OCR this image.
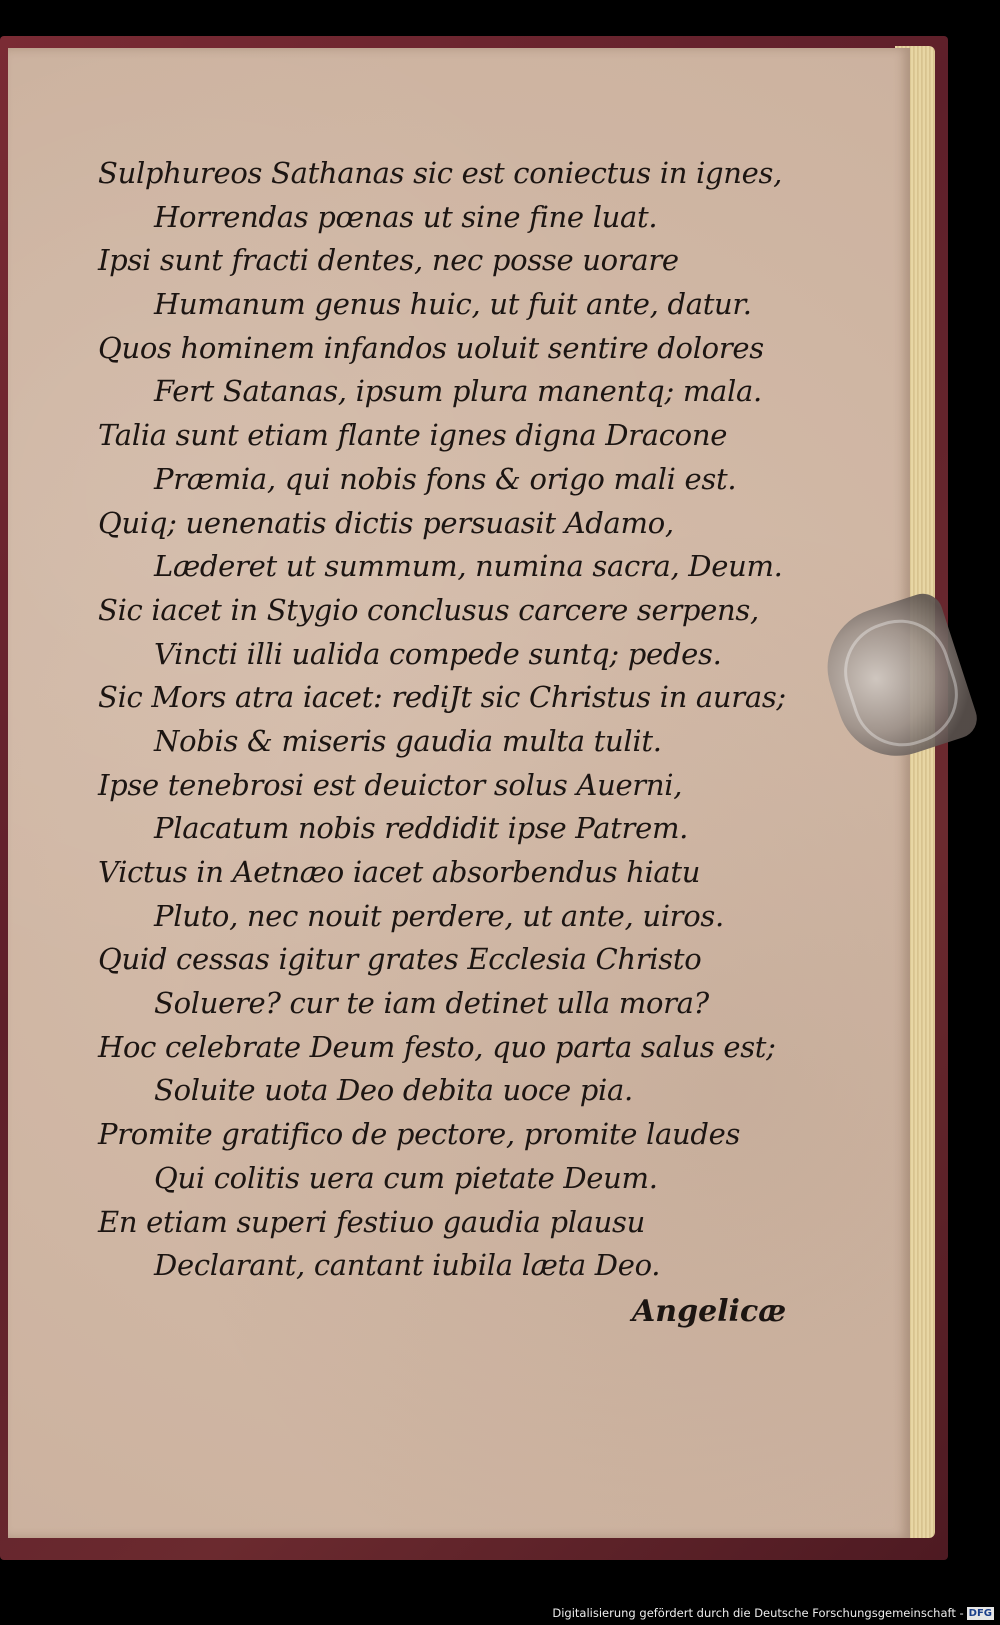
Sulphureos Sathanas sic est coniectus in ignes,
Horrendas pœnas ut sine fine luat.
Ipsi sunt fracti dentes, nec posse uorare
Humanum genus huic, ut fuit ante, datur.
Quos hominem infandos uoluit sentire dolores
Fert Satanas, ipsum plura manentq; mala.
Talia sunt etiam flante ignes digna Dracone
Præmia, qui nobis fons & origo mali est.
Quiq; uenenatis dictis persuasit Adamo,
Læderet ut summum, numina sacra, Deum.
Sic iacet in Stygio conclusus carcere serpens,
Vincti illi ualida compede suntq; pedes.
Sic Mors atra iacet: rediJt sic Christus in auras;
Nobis & miseris gaudia multa tulit.
Ipse tenebrosi est deuictor solus Auerni,
Placatum nobis reddidit ipse Patrem.
Victus in Aetnæo iacet absorbendus hiatu
Pluto, nec nouit perdere, ut ante, uiros.
Quid cessas igitur grates Ecclesia Christo
Soluere? cur te iam detinet ulla mora?
Hoc celebrate Deum festo, quo parta salus est;
Soluite uota Deo debita uoce pia.
Promite gratifico de pectore, promite laudes
Qui colitis uera cum pietate Deum.
En etiam superi festiuo gaudia plausu
Declarant, cantant iubila læta Deo.
Angelicæ
Digitalisierung gefördert durch die Deutsche Forschungsgemeinschaft - DFG
